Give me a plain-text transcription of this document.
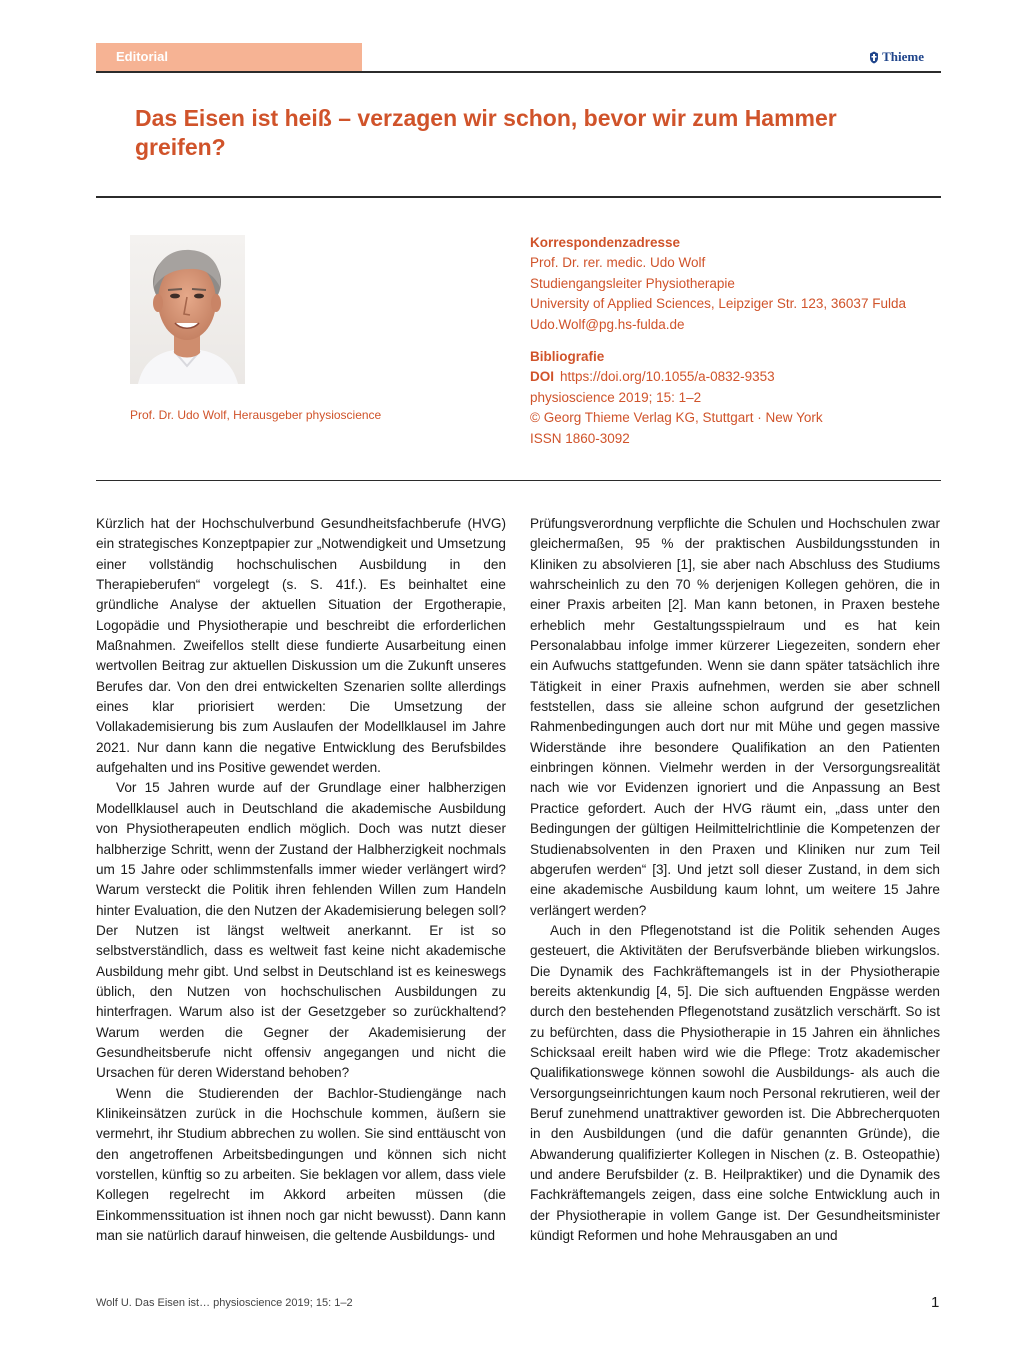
Editorial	Thieme
Das Eisen ist heiß – verzagen wir schon, bevor wir zum Hammer greifen?
Prof. Dr. Udo Wolf, Herausgeber physioscience
Korrespondenzadresse
Prof. Dr. rer. medic. Udo Wolf
Studiengangsleiter Physiotherapie
University of Applied Sciences, Leipziger Str. 123, 36037 Fulda
Udo.Wolf@pg.hs-fulda.de
Bibliografie
DOI https://doi.org/10.1055/a-0832-9353
physioscience 2019; 15: 1–2
© Georg Thieme Verlag KG, Stuttgart · New York
ISSN 1860-3092

Kürzlich hat der Hochschulverbund Gesundheitsfachberufe (HVG) ein strategisches Konzeptpapier zur „Notwendigkeit und Umsetzung einer vollständig hochschulischen Ausbildung in den Therapieberufen“ vorgelegt (s. S. 41f.). Es beinhaltet eine gründliche Analyse der aktuellen Situation der Ergotherapie, Logopädie und Physiotherapie und beschreibt die erforderlichen Maßnahmen. Zweifellos stellt diese fundierte Ausarbeitung einen wertvollen Beitrag zur aktuellen Diskussion um die Zukunft unseres Berufes dar. Von den drei entwickelten Szenarien sollte allerdings eines klar priorisiert werden: Die Umsetzung der Vollakademisierung bis zum Auslaufen der Modellklausel im Jahre 2021. Nur dann kann die negative Entwicklung des Berufsbildes aufgehalten und ins Positive gewendet werden.

Vor 15 Jahren wurde auf der Grundlage einer halbherzigen Modellklausel auch in Deutschland die akademische Ausbildung von Physiotherapeuten endlich möglich. Doch was nutzt dieser halbherzige Schritt, wenn der Zustand der Halbherzigkeit nochmals um 15 Jahre oder schlimmstenfalls immer wieder verlängert wird? Warum versteckt die Politik ihren fehlenden Willen zum Handeln hinter Evaluation, die den Nutzen der Akademisierung belegen soll? Der Nutzen ist längst weltweit anerkannt. Er ist so selbstverständlich, dass es weltweit fast keine nicht akademische Ausbildung mehr gibt. Und selbst in Deutschland ist es keineswegs üblich, den Nutzen von hochschulischen Ausbildungen zu hinterfragen. Warum also ist der Gesetzgeber so zurückhaltend? Warum werden die Gegner der Akademisierung der Gesundheitsberufe nicht offensiv angegangen und nicht die Ursachen für deren Widerstand behoben?

Wenn die Studierenden der Bachlor-Studiengänge nach Klinikeinsätzen zurück in die Hochschule kommen, äußern sie vermehrt, ihr Studium abbrechen zu wollen. Sie sind enttäuscht von den angetroffenen Arbeitsbedingungen und können sich nicht vorstellen, künftig so zu arbeiten. Sie beklagen vor allem, dass viele Kollegen regelrecht im Akkord arbeiten müssen (die Einkommenssituation ist ihnen noch gar nicht bewusst). Dann kann man sie natürlich darauf hinweisen, die geltende Ausbildungs- und

Prüfungsverordnung verpflichte die Schulen und Hochschulen zwar gleichermaßen, 95 % der praktischen Ausbildungsstunden in Kliniken zu absolvieren [1], sie aber nach Abschluss des Studiums wahrscheinlich zu den 70 % derjenigen Kollegen gehören, die in einer Praxis arbeiten [2]. Man kann betonen, in Praxen bestehe erheblich mehr Gestaltungsspielraum und es hat kein Personalabbau infolge immer kürzerer Liegezeiten, sondern eher ein Aufwuchs stattgefunden. Wenn sie dann später tatsächlich ihre Tätigkeit in einer Praxis aufnehmen, werden sie aber schnell feststellen, dass sie alleine schon aufgrund der gesetzlichen Rahmenbedingungen auch dort nur mit Mühe und gegen massive Widerstände ihre besondere Qualifikation an den Patienten einbringen können. Vielmehr werden in der Versorgungsrealität nach wie vor Evidenzen ignoriert und die Anpassung an Best Practice gefordert. Auch der HVG räumt ein, „dass unter den Bedingungen der gültigen Heilmittelrichtlinie die Kompetenzen der Studienabsolventen in den Praxen und Kliniken nur zum Teil abgerufen werden“ [3]. Und jetzt soll dieser Zustand, in dem sich eine akademische Ausbildung kaum lohnt, um weitere 15 Jahre verlängert werden?

Auch in den Pflegenotstand ist die Politik sehenden Auges gesteuert, die Aktivitäten der Berufsverbände blieben wirkungslos. Die Dynamik des Fachkräftemangels ist in der Physiotherapie bereits aktenkundig [4, 5]. Die sich auftuenden Engpässe werden durch den bestehenden Pflegenotstand zusätzlich verschärft. So ist zu befürchten, dass die Physiotherapie in 15 Jahren ein ähnliches Schicksaal ereilt haben wird wie die Pflege: Trotz akademischer Qualifikationswege können sowohl die Ausbildungs- als auch die Versorgungseinrichtungen kaum noch Personal rekrutieren, weil der Beruf zunehmend unattraktiver geworden ist. Die Abbrecherquoten in den Ausbildungen (und die dafür genannten Gründe), die Abwanderung qualifizierter Kollegen in Nischen (z. B. Osteopathie) und andere Berufsbilder (z. B. Heilpraktiker) und die Dynamik des Fachkräftemangels zeigen, dass eine solche Entwicklung auch in der Physiotherapie in vollem Gange ist. Der Gesundheitsminister kündigt Reformen und hohe Mehrausgaben an und

Wolf U. Das Eisen ist… physioscience 2019; 15: 1–2	1
